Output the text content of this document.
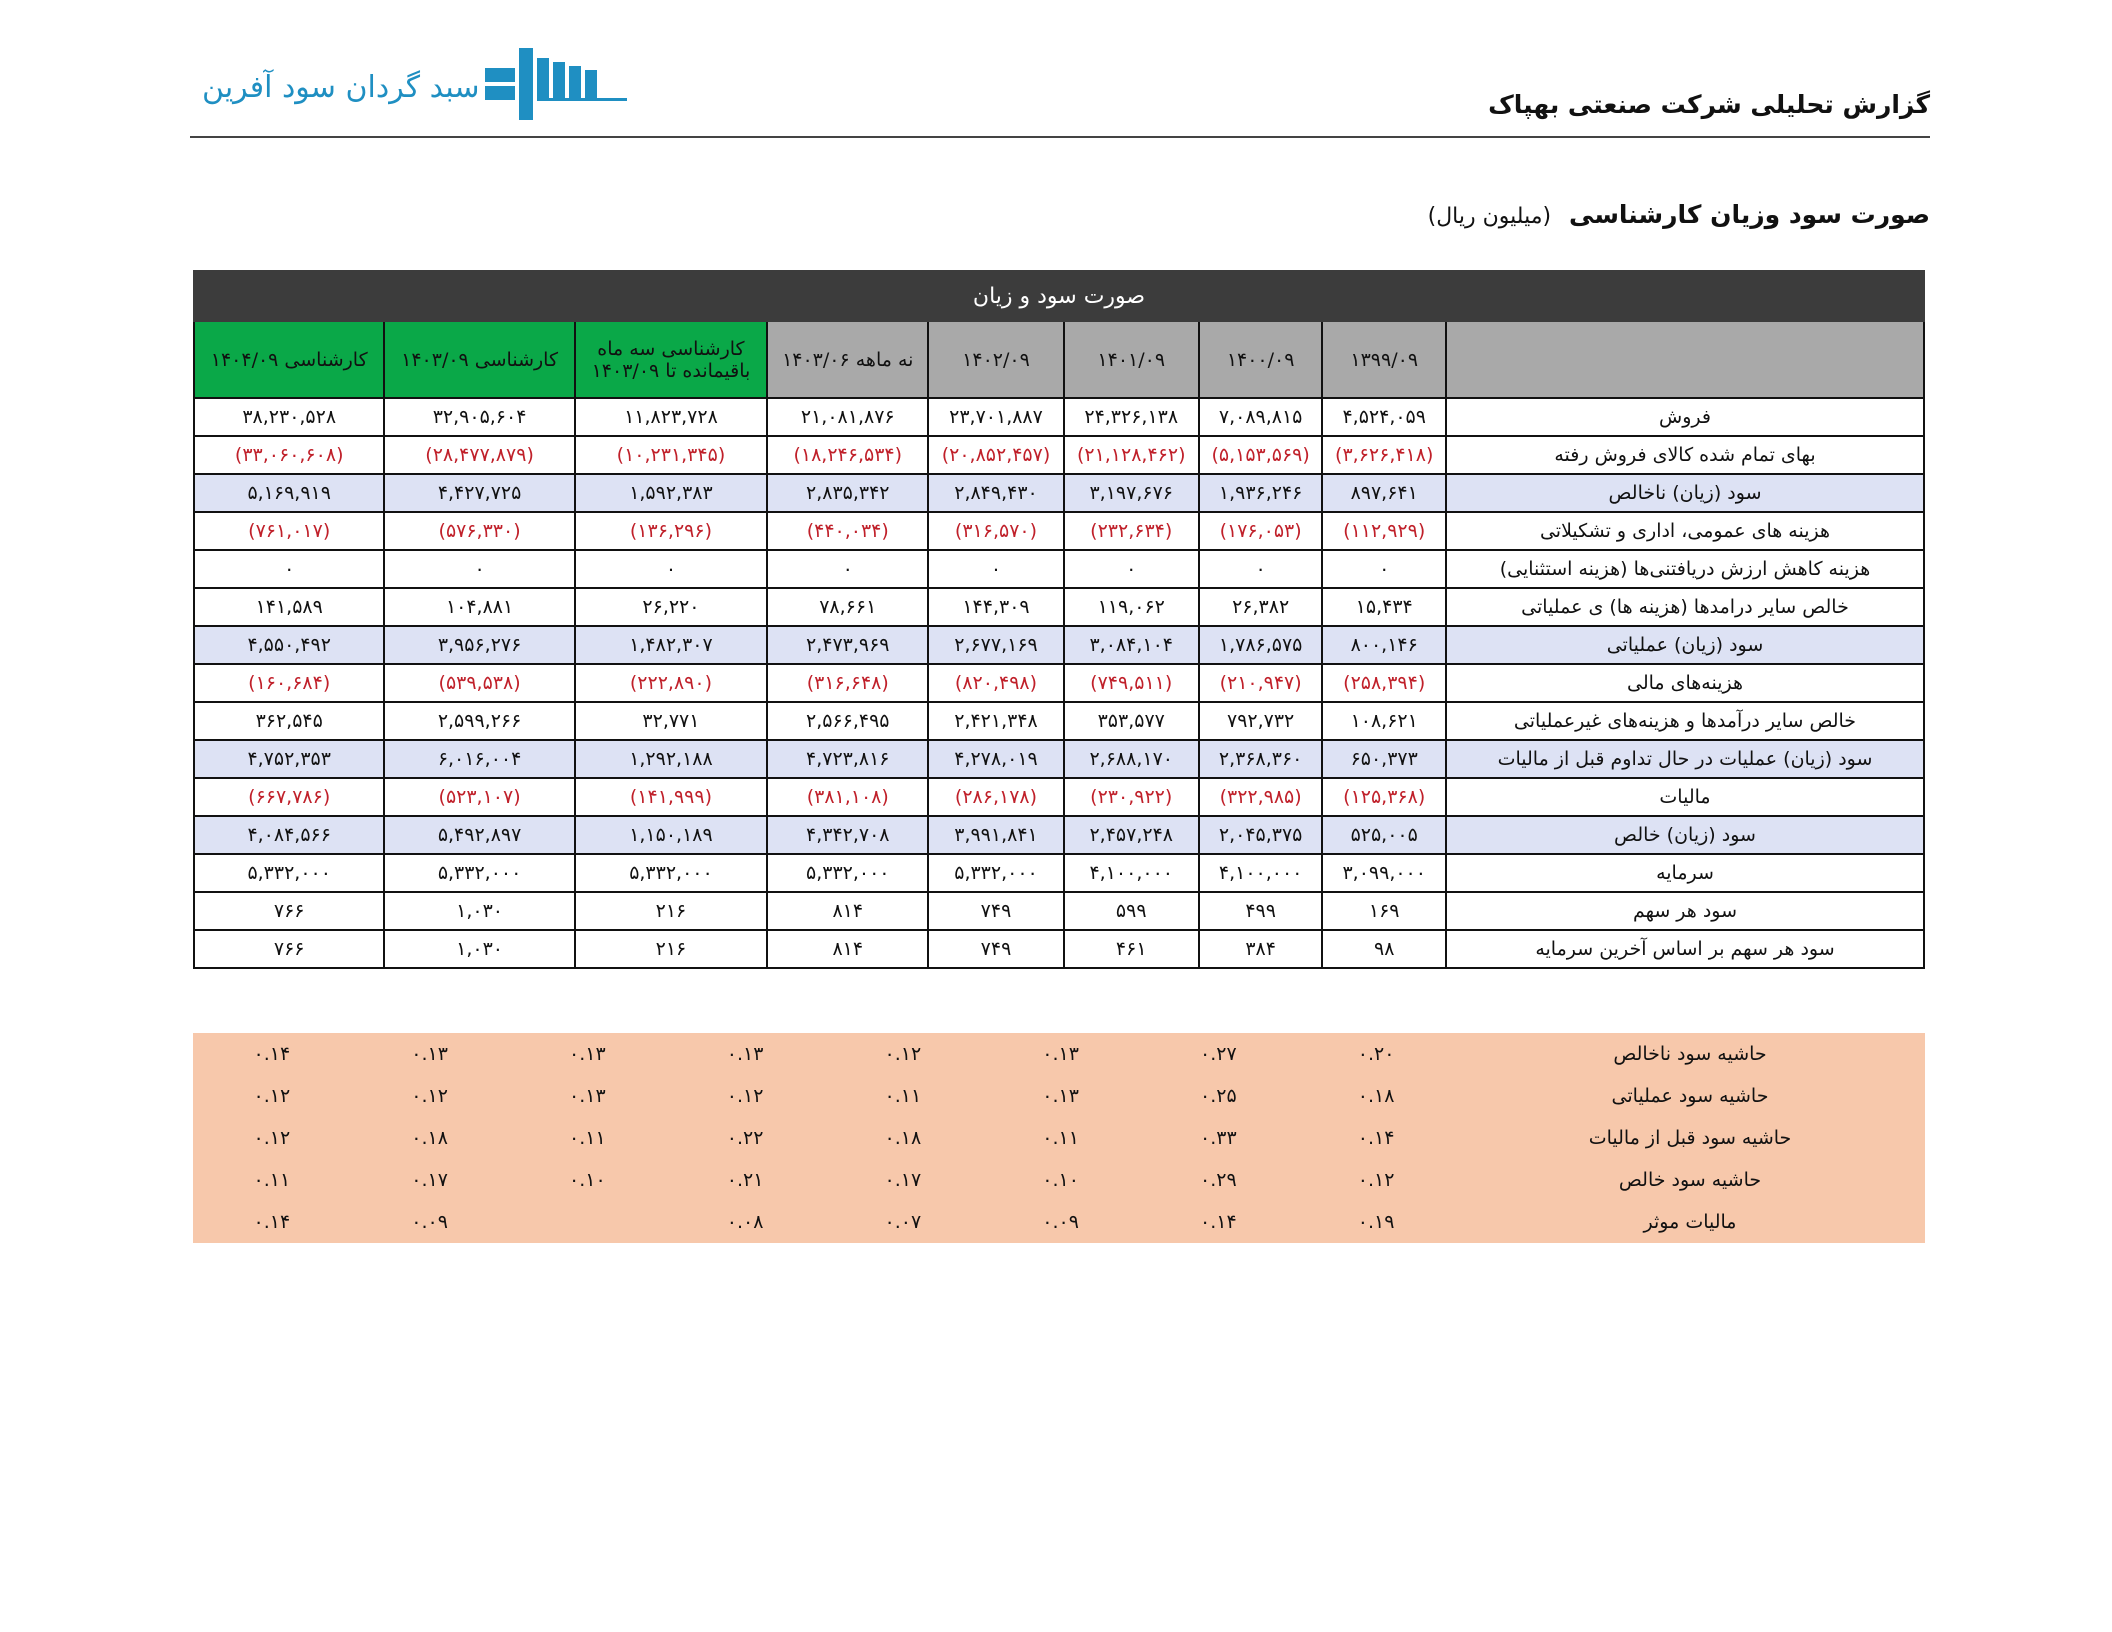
سبد گردان سود آفرین	گزارش تحلیلی شرکت صنعتی بهپاک
صورت سود وزیان کارشناسی (میلیون ریال)
صورت سود و زیان								

	۱۳۹۹/۰۹	۱۴۰۰/۰۹	۱۴۰۱/۰۹	۱۴۰۲/۰۹	نه ماهه ۱۴۰۳/۰۶	کارشناسی سه ماه
باقیمانده تا ۱۴۰۳/۰۹	کارشناسی ۱۴۰۳/۰۹	کارشناسی ۱۴۰۴/۰۹

فروش	۴,۵۲۴,۰۵۹	۷,۰۸۹,۸۱۵	۲۴,۳۲۶,۱۳۸	۲۳,۷۰۱,۸۸۷	۲۱,۰۸۱,۸۷۶	۱۱,۸۲۳,۷۲۸	۳۲,۹۰۵,۶۰۴	۳۸,۲۳۰,۵۲۸
بهای تمام شده کالای فروش رفته	(۳,۶۲۶,۴۱۸)	(۵,۱۵۳,۵۶۹)	(۲۱,۱۲۸,۴۶۲)	(۲۰,۸۵۲,۴۵۷)	(۱۸,۲۴۶,۵۳۴)	(۱۰,۲۳۱,۳۴۵)	(۲۸,۴۷۷,۸۷۹)	(۳۳,۰۶۰,۶۰۸)
سود (زیان) ناخالص	۸۹۷,۶۴۱	۱,۹۳۶,۲۴۶	۳,۱۹۷,۶۷۶	۲,۸۴۹,۴۳۰	۲,۸۳۵,۳۴۲	۱,۵۹۲,۳۸۳	۴,۴۲۷,۷۲۵	۵,۱۶۹,۹۱۹
هزینه های عمومی، اداری و تشکیلاتی	(۱۱۲,۹۲۹)	(۱۷۶,۰۵۳)	(۲۳۲,۶۳۴)	(۳۱۶,۵۷۰)	(۴۴۰,۰۳۴)	(۱۳۶,۲۹۶)	(۵۷۶,۳۳۰)	(۷۶۱,۰۱۷)
هزینه کاهش ارزش دریافتنی‌ها (هزینه استثنایی)	۰	۰	۰	۰	۰	۰	۰	۰
خالص سایر درامدها (هزینه ها) ی عملیاتی	۱۵,۴۳۴	۲۶,۳۸۲	۱۱۹,۰۶۲	۱۴۴,۳۰۹	۷۸,۶۶۱	۲۶,۲۲۰	۱۰۴,۸۸۱	۱۴۱,۵۸۹
سود (زیان) عملیاتی	۸۰۰,۱۴۶	۱,۷۸۶,۵۷۵	۳,۰۸۴,۱۰۴	۲,۶۷۷,۱۶۹	۲,۴۷۳,۹۶۹	۱,۴۸۲,۳۰۷	۳,۹۵۶,۲۷۶	۴,۵۵۰,۴۹۲
هزینه‌های مالی	(۲۵۸,۳۹۴)	(۲۱۰,۹۴۷)	(۷۴۹,۵۱۱)	(۸۲۰,۴۹۸)	(۳۱۶,۶۴۸)	(۲۲۲,۸۹۰)	(۵۳۹,۵۳۸)	(۱۶۰,۶۸۴)
خالص سایر درآمدها و هزینه‌های غیرعملیاتی	۱۰۸,۶۲۱	۷۹۲,۷۳۲	۳۵۳,۵۷۷	۲,۴۲۱,۳۴۸	۲,۵۶۶,۴۹۵	۳۲,۷۷۱	۲,۵۹۹,۲۶۶	۳۶۲,۵۴۵
سود (زیان) عملیات در حال تداوم قبل از مالیات	۶۵۰,۳۷۳	۲,۳۶۸,۳۶۰	۲,۶۸۸,۱۷۰	۴,۲۷۸,۰۱۹	۴,۷۲۳,۸۱۶	۱,۲۹۲,۱۸۸	۶,۰۱۶,۰۰۴	۴,۷۵۲,۳۵۳
مالیات	(۱۲۵,۳۶۸)	(۳۲۲,۹۸۵)	(۲۳۰,۹۲۲)	(۲۸۶,۱۷۸)	(۳۸۱,۱۰۸)	(۱۴۱,۹۹۹)	(۵۲۳,۱۰۷)	(۶۶۷,۷۸۶)
سود (زیان) خالص	۵۲۵,۰۰۵	۲,۰۴۵,۳۷۵	۲,۴۵۷,۲۴۸	۳,۹۹۱,۸۴۱	۴,۳۴۲,۷۰۸	۱,۱۵۰,۱۸۹	۵,۴۹۲,۸۹۷	۴,۰۸۴,۵۶۶
سرمایه	۳,۰۹۹,۰۰۰	۴,۱۰۰,۰۰۰	۴,۱۰۰,۰۰۰	۵,۳۳۲,۰۰۰	۵,۳۳۲,۰۰۰	۵,۳۳۲,۰۰۰	۵,۳۳۲,۰۰۰	۵,۳۳۲,۰۰۰
سود هر سهم	۱۶۹	۴۹۹	۵۹۹	۷۴۹	۸۱۴	۲۱۶	۱,۰۳۰	۷۶۶
سود هر سهم بر اساس آخرین سرمایه	۹۸	۳۸۴	۴۶۱	۷۴۹	۸۱۴	۲۱۶	۱,۰۳۰	۷۶۶
حاشیه سود ناخالص	۰.۲۰	۰.۲۷	۰.۱۳	۰.۱۲	۰.۱۳	۰.۱۳	۰.۱۳	۰.۱۴
حاشیه سود عملیاتی	۰.۱۸	۰.۲۵	۰.۱۳	۰.۱۱	۰.۱۲	۰.۱۳	۰.۱۲	۰.۱۲
حاشیه سود قبل از مالیات	۰.۱۴	۰.۳۳	۰.۱۱	۰.۱۸	۰.۲۲	۰.۱۱	۰.۱۸	۰.۱۲
حاشیه سود خالص	۰.۱۲	۰.۲۹	۰.۱۰	۰.۱۷	۰.۲۱	۰.۱۰	۰.۱۷	۰.۱۱
مالیات موثر	۰.۱۹	۰.۱۴	۰.۰۹	۰.۰۷	۰.۰۸		۰.۰۹	۰.۱۴
